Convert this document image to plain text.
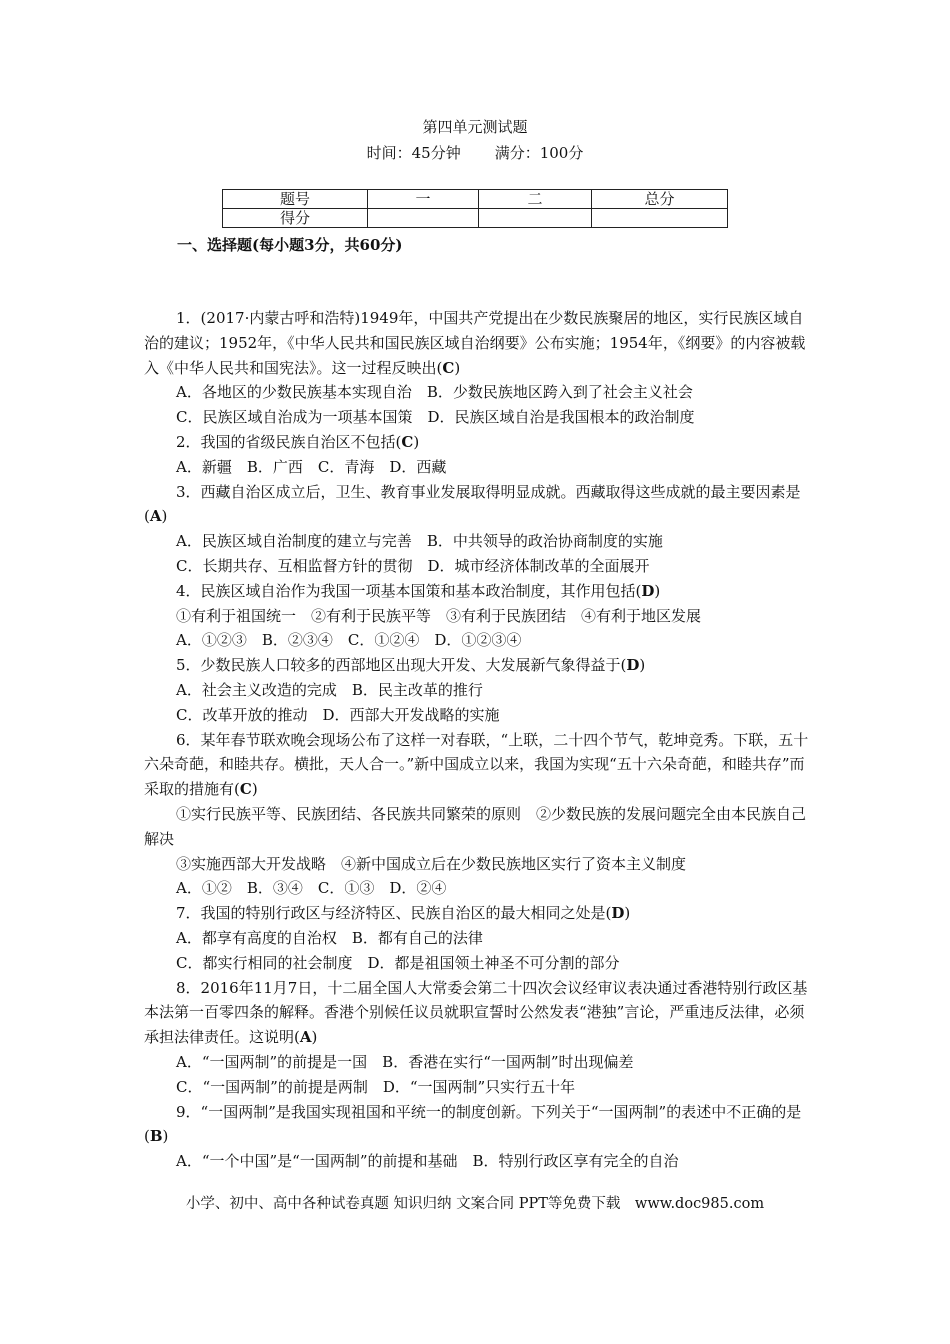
第四单元测试题
时间：45分钟 满分：100分
题号	一	二	总分
得分			
一、选择题(每小题3分，共60分)

1．(2017·内蒙古呼和浩特)1949年，中国共产党提出在少数民族聚居的地区，实行民族区域自治的建议；1952年，《中华人民共和国民族区域自治纲要》公布实施；1954年，《纲要》的内容被载入《中华人民共和国宪法》。这一过程反映出(C)

A．各地区的少数民族基本实现自治　B．少数民族地区跨入到了社会主义社会

C．民族区域自治成为一项基本国策　D．民族区域自治是我国根本的政治制度

2．我国的省级民族自治区不包括(C)

A．新疆　B．广西　C．青海　D．西藏

3．西藏自治区成立后，卫生、教育事业发展取得明显成就。西藏取得这些成就的最主要因素是(A)

A．民族区域自治制度的建立与完善　B．中共领导的政治协商制度的实施

C．长期共存、互相监督方针的贯彻　D．城市经济体制改革的全面展开

4．民族区域自治作为我国一项基本国策和基本政治制度，其作用包括(D)

①有利于祖国统一　②有利于民族平等　③有利于民族团结　④有利于地区发展

A．①②③　B．②③④　C．①②④　D．①②③④

5．少数民族人口较多的西部地区出现大开发、大发展新气象得益于(D)

A．社会主义改造的完成　B．民主改革的推行

C．改革开放的推动　D．西部大开发战略的实施

6．某年春节联欢晚会现场公布了这样一对春联，“上联，二十四个节气，乾坤竞秀。下联，五十六朵奇葩，和睦共存。横批，天人合一。”新中国成立以来，我国为实现“五十六朵奇葩，和睦共存”而采取的措施有(C)

①实行民族平等、民族团结、各民族共同繁荣的原则　②少数民族的发展问题完全由本民族自己解决

③实施西部大开发战略　④新中国成立后在少数民族地区实行了资本主义制度

A．①②　B．③④　C．①③　D．②④

7．我国的特别行政区与经济特区、民族自治区的最大相同之处是(D)

A．都享有高度的自治权　B．都有自己的法律

C．都实行相同的社会制度　D．都是祖国领土神圣不可分割的部分

8．2016年11月7日，十二届全国人大常委会第二十四次会议经审议表决通过香港特别行政区基本法第一百零四条的解释。香港个别候任议员就职宣誓时公然发表“港独”言论，严重违反法律，必须承担法律责任。这说明(A)

A．“一国两制”的前提是一国　B．香港在实行“一国两制”时出现偏差

C．“一国两制”的前提是两制　D．“一国两制”只实行五十年

9．“一国两制”是我国实现祖国和平统一的制度创新。下列关于“一国两制”的表述中不正确的是(B)

A．“一个中国”是“一国两制”的前提和基础　B．特别行政区享有完全的自治

小学、初中、高中各种试卷真题 知识归纳 文案合同 PPT等免费下载　www.doc985.com
